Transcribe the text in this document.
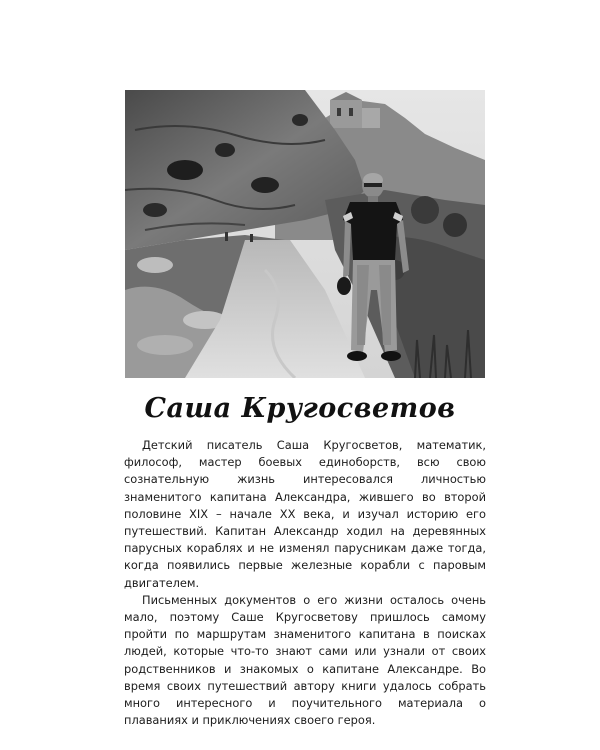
Саша Кругосветов

Детский писатель Саша Кругосветов, математик, философ, мастер боевых единоборств, всю свою сознательную жизнь интересовался личностью знаменитого капитана Александра, жившего во второй половине XIX – начале XX века, и изучал историю его путешествий. Капитан Александр ходил на деревянных парусных кораблях и не изменял парусникам даже тогда, когда появились первые железные корабли с паровым двигателем.

Письменных документов о его жизни осталось очень мало, поэтому Саше Кругосветову пришлось самому пройти по маршрутам знаменитого капитана в поисках людей, которые что-то знают сами или узнали от своих родственников и знакомых о капитане Александре. Во время своих путешествий автору книги удалось собрать много интересного и поучительного материала о плаваниях и приключениях своего героя.
